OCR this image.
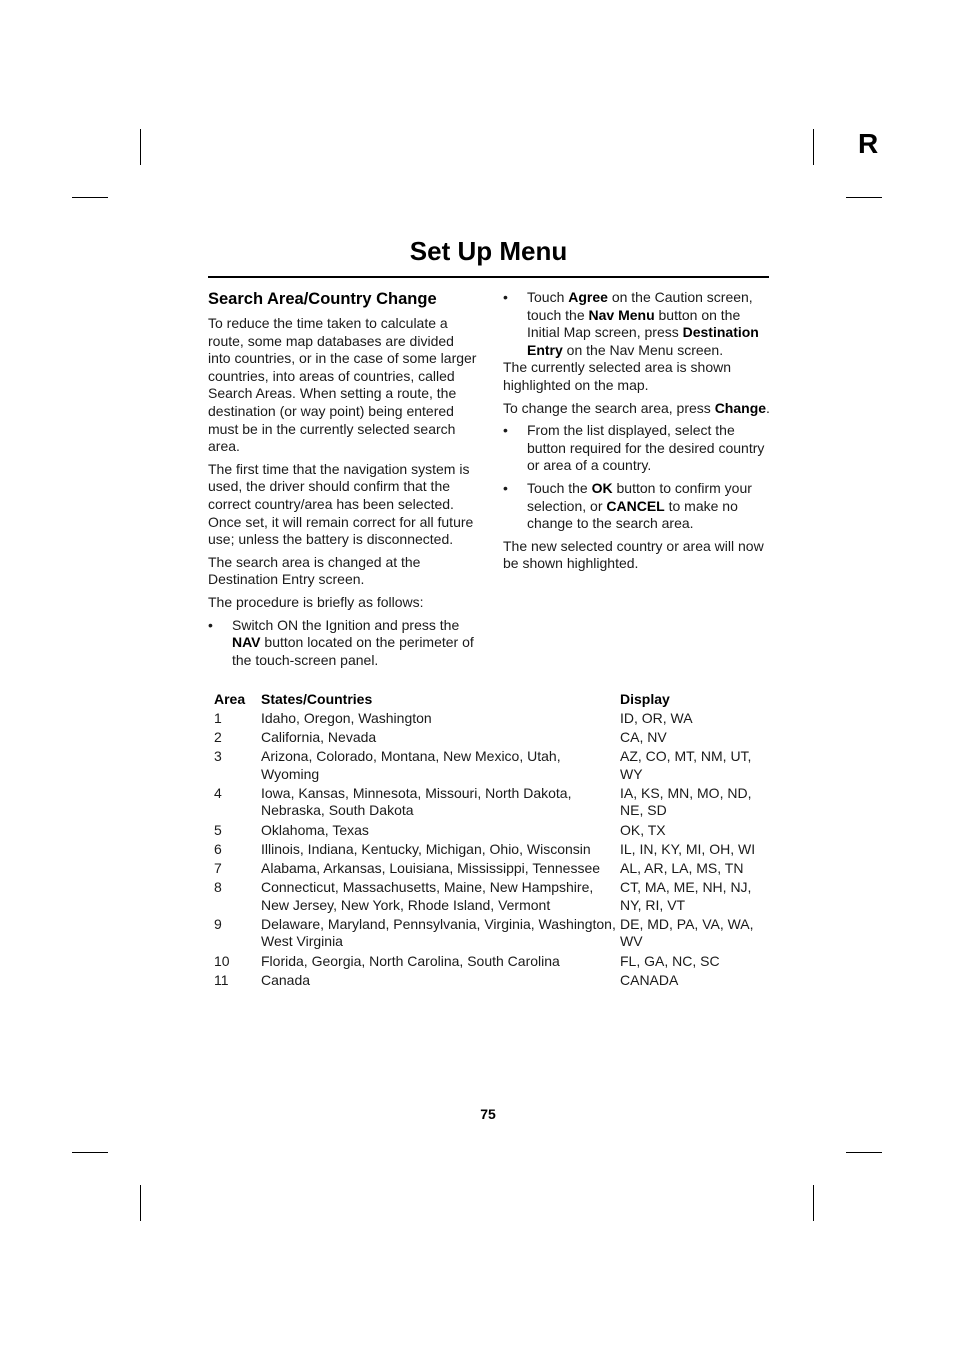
R
Set Up Menu
Search Area/Country Change

To reduce the time taken to calculate a route, some map databases are divided into countries, or in the case of some larger countries, into areas of countries, called Search Areas. When setting a route, the destination (or way point) being entered must be in the currently selected search area.

The first time that the navigation system is used, the driver should confirm that the correct country/area has been selected. Once set, it will remain correct for all future use; unless the battery is disconnected.

The search area is changed at the Destination Entry screen.

The procedure is briefly as follows:

• Switch ON the Ignition and press the NAV button located on the perimeter of the touch-screen panel.
• Touch Agree on the Caution screen, touch the Nav Menu button on the Initial Map screen, press Destination Entry on the Nav Menu screen.

The currently selected area is shown highlighted on the map.

To change the search area, press Change.

• From the list displayed, select the button required for the desired country or area of a country.
• Touch the OK button to confirm your selection, or CANCEL to make no change to the search area.

The new selected country or area will now be shown highlighted.

Area	States/Countries	Display
1	Idaho, Oregon, Washington	ID, OR, WA
2	California, Nevada	CA, NV
3	Arizona, Colorado, Montana, New Mexico, Utah, Wyoming	AZ, CO, MT, NM, UT, WY
4	Iowa, Kansas, Minnesota, Missouri, North Dakota, Nebraska, South Dakota	IA, KS, MN, MO, ND, NE, SD
5	Oklahoma, Texas	OK, TX
6	Illinois, Indiana, Kentucky, Michigan, Ohio, Wisconsin	IL, IN, KY, MI, OH, WI
7	Alabama, Arkansas, Louisiana, Mississippi, Tennessee	AL, AR, LA, MS, TN
8	Connecticut, Massachusetts, Maine, New Hampshire, New Jersey, New York, Rhode Island, Vermont	CT, MA, ME, NH, NJ, NY, RI, VT
9	Delaware, Maryland, Pennsylvania, Virginia, Washington, West Virginia	DE, MD, PA, VA, WA, WV
10	Florida, Georgia, North Carolina, South Carolina	FL, GA, NC, SC
11	Canada	CANADA
75
